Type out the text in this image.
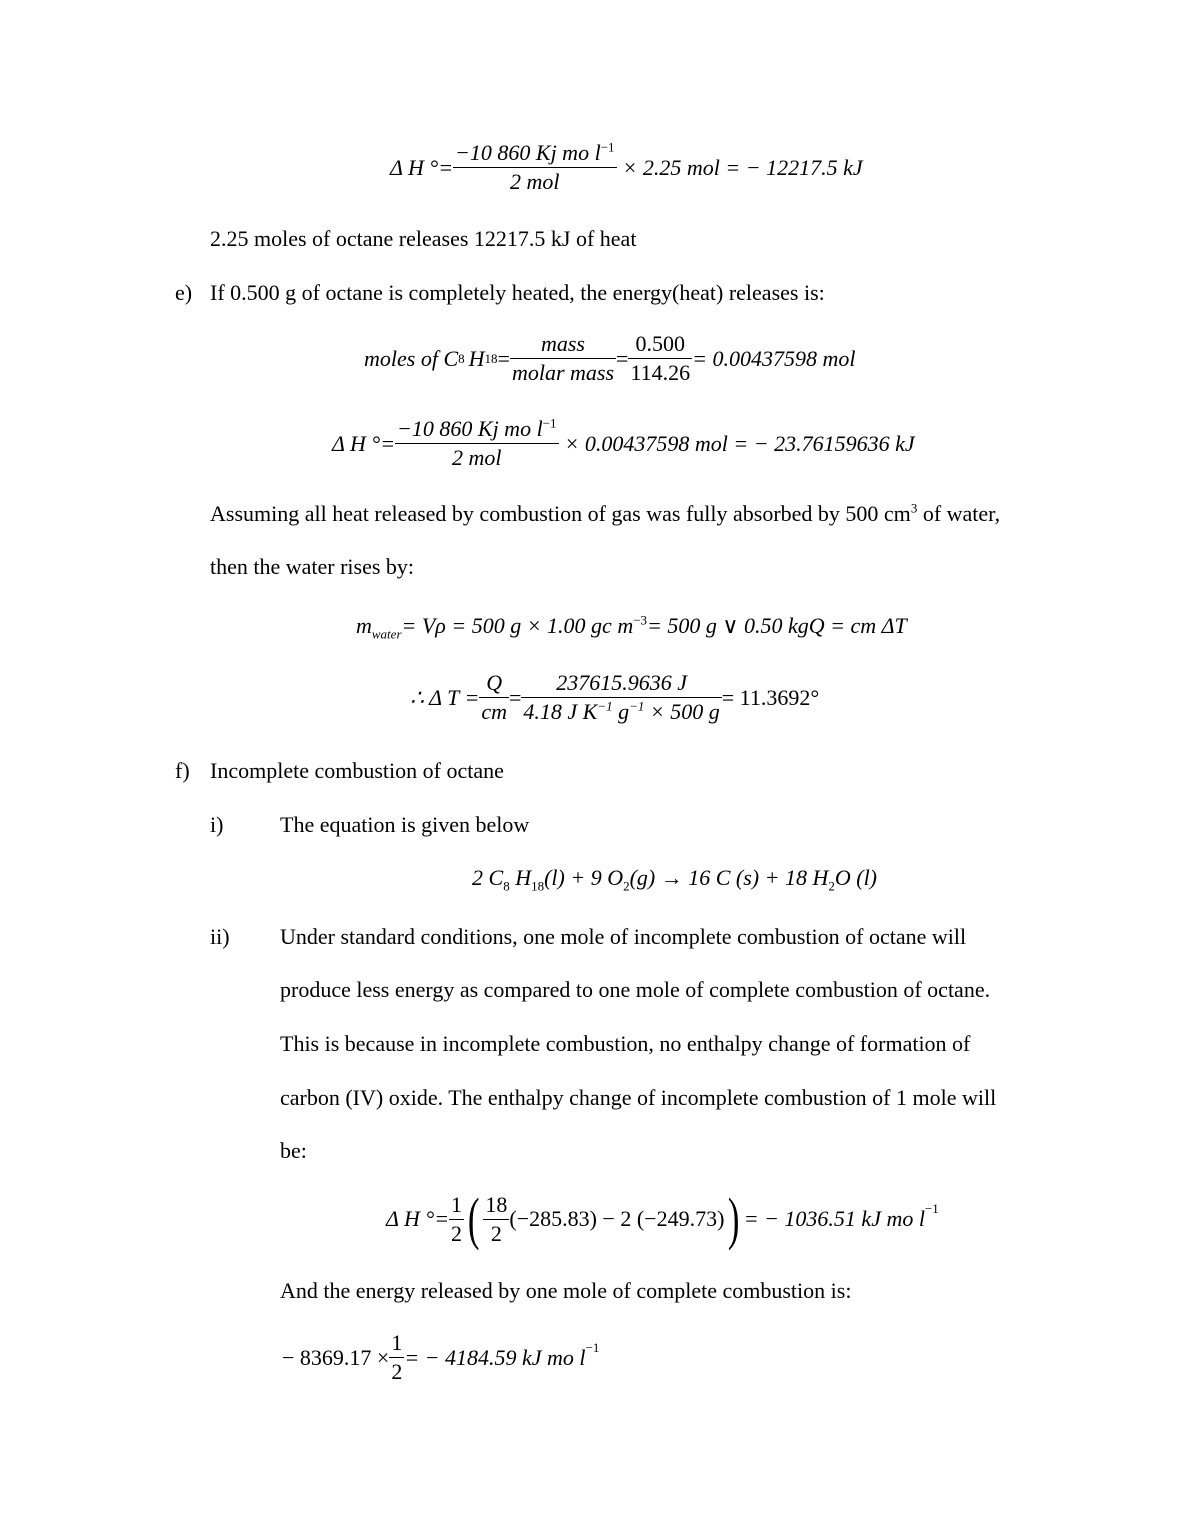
Δ H °= $\frac{-10 860 Kj mo l^{-1}}{\text{2 mol}} \times 2.25$ mol = − 12217.5 kJ
2.25 moles of octane releases 12217.5 kJ of heat
e) If 0.500 g of octane is completely heated, the energy(heat) releases is:
moles of C 8 H $18 = \frac{\text{mass}}{\text{molar mass}} = \frac{0.500}{114.26} = 0.00437598$ mol
Δ H °= $\frac{-10 860 Kj mo l^{-1}}{\text{2 mol}} \times 0.00437598$ mol = − 23.76159636 kJ
Assuming all heat released by combustion of gas was fully absorbed by 500 $cm^3$ of water,
then the water rises by:
$m_{water}= V\rho = 500$ g × 1.00 gc $m^{-3}= 500$ g ∨ 0.50 kgQ = cm ΔT
∴ Δ $T = \frac{Q}{cm} = \frac{237615.9636 J}{4.18 J K^{-1} g^{-1} \times 500 g} = 11.3692^\circ$
f) Incomplete combustion of octane
i)	The equation is given below
2 $C_8$ $H_{18}(l) + 9$ $O_2(g) \to 16$ C (s) + 18 $H_2O$ (l)
ii) Under standard conditions, one mole of incomplete combustion of octane will
produce less energy as compared to one mole of complete combustion of octane.
This is because in incomplete combustion, no enthalpy change of formation of
carbon (IV) oxide. The enthalpy change of incomplete combustion of 1 mole will
be:
Δ H °= $\frac{1}{2}$ ( $\frac{18}{2} (-285.83) - 2$ (−249.73) ) = − 1036.51 kJ mo $l^{-1}$
And the energy released by one mole of complete combustion is:
− $8369.17 \times \frac{1}{2}$ = − 4184.59 kJ mo $l^{-1}$
